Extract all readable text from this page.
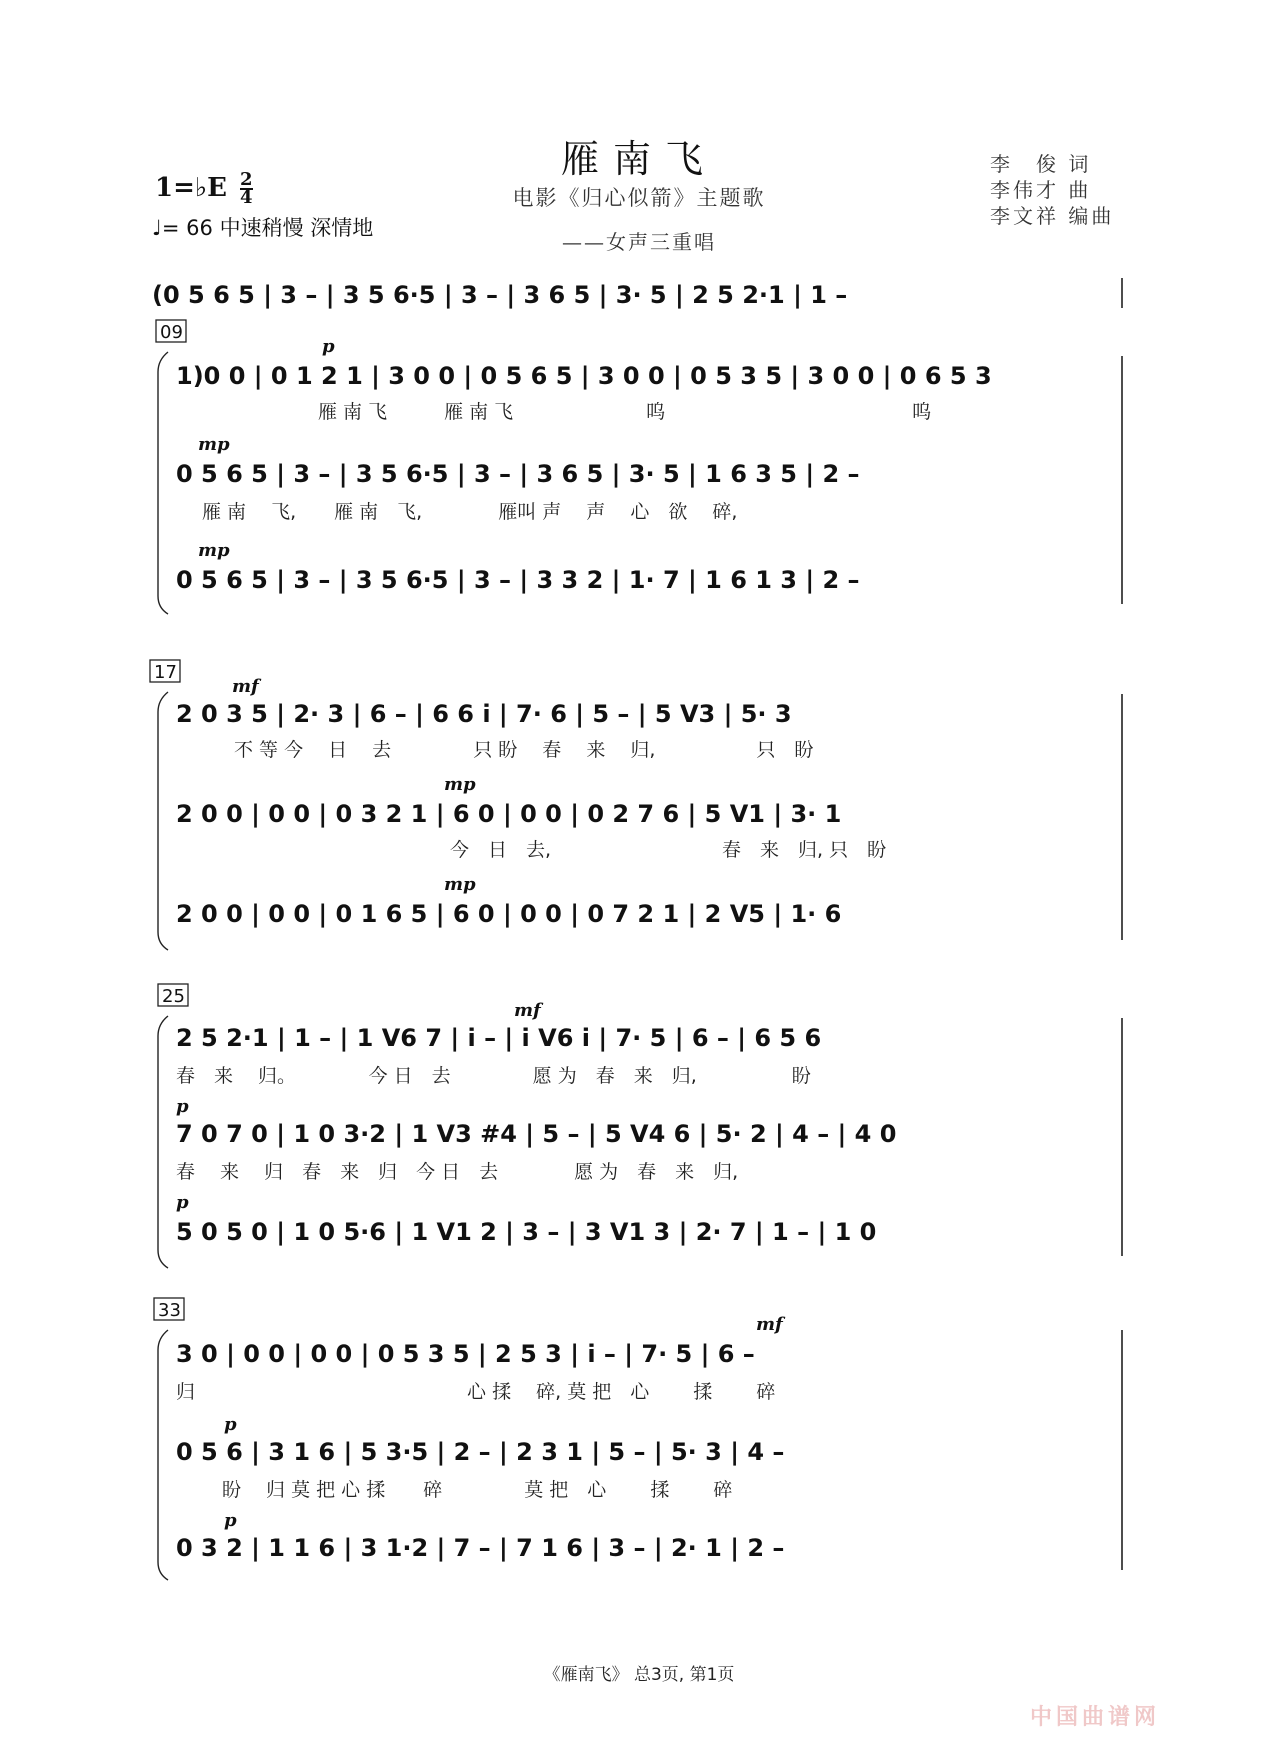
雁南飞
电影《归心似箭》主题歌
——女声三重唱
李　俊 词
李伟才 曲
李文祥 编曲
1=♭E $\frac{2}{4}$
♩= 66 中速稍慢 深情地
(0 5 6 5 | 3 – | 3 5 6·5 | 3 – | 3 6 5 | 3· 5 | 2 5 2·1 | 1 –
09
p
1)0 0 | 0 1 2 1 | 3 0 0 | 0 5 6 5 | 3 0 0 | 0 5 3 5 | 3 0 0 | 0 6 5 3
雁 南 飞　　　雁 南 飞　　　　　　　呜　　　　　　　　　　　　　呜
mp
0 5 6 5 | 3 – | 3 5 6·5 | 3 – | 3 6 5 | 3· 5 | 1 6 3 5 | 2 –
雁 南　 飞,　　雁 南　飞,　　　　雁叫 声　 声　 心　欲　 碎,
mp
0 5 6 5 | 3 – | 3 5 6·5 | 3 – | 3 3 2 | 1· 7 | 1 6 1 3 | 2 –
17
mf
2 0 3 5 | 2· 3 | 6 – | 6 6 i | 7· 6 | 5 – | 5 V3 | 5· 3
不 等 今　 日　 去　　　　 只 盼　 春　 来　 归,　　　　　 只　盼
mp
2 0 0 | 0 0 | 0 3 2 1 | 6 0 | 0 0 | 0 2 7 6 | 5 V1 | 3· 1
今　日　去,　　　　　　　　　春　来　归, 只　盼
mp
2 0 0 | 0 0 | 0 1 6 5 | 6 0 | 0 0 | 0 7 2 1 | 2 V5 | 1· 6
25
mf
2 5 2·1 | 1 – | 1 V6 7 | i – | i V6 i | 7· 5 | 6 – | 6 5 6
春　来　 归。　　　　 今 日　去　　　　 愿 为　春　来　归,　　　　　盼
p
7 0 7 0 | 1 0 3·2 | 1 V3 #4 | 5 – | 5 V4 6 | 5· 2 | 4 – | 4 0
春　 来　 归　春　来　归　今 日　去　　　　愿 为　春　来　归,
p
5 0 5 0 | 1 0 5·6 | 1 V1 2 | 3 – | 3 V1 3 | 2· 7 | 1 – | 1 0
33
mf
3 0 | 0 0 | 0 0 | 0 5 3 5 | 2 5 3 | i – | 7· 5 | 6 –
归　　　　　　　　　　　　　　 心 揉　 碎, 莫 把　心　　 揉　　 碎
p
0 5 6 | 3 1 6 | 5 3·5 | 2 – | 2 3 1 | 5 – | 5· 3 | 4 –
盼　 归 莫 把 心 揉　　碎　　　　 莫 把　心　　 揉　　 碎
p
0 3 2 | 1 1 6 | 3 1·2 | 7 – | 7 1 6 | 3 – | 2· 1 | 2 –
《雁南飞》 总3页, 第1页
中国曲谱网
